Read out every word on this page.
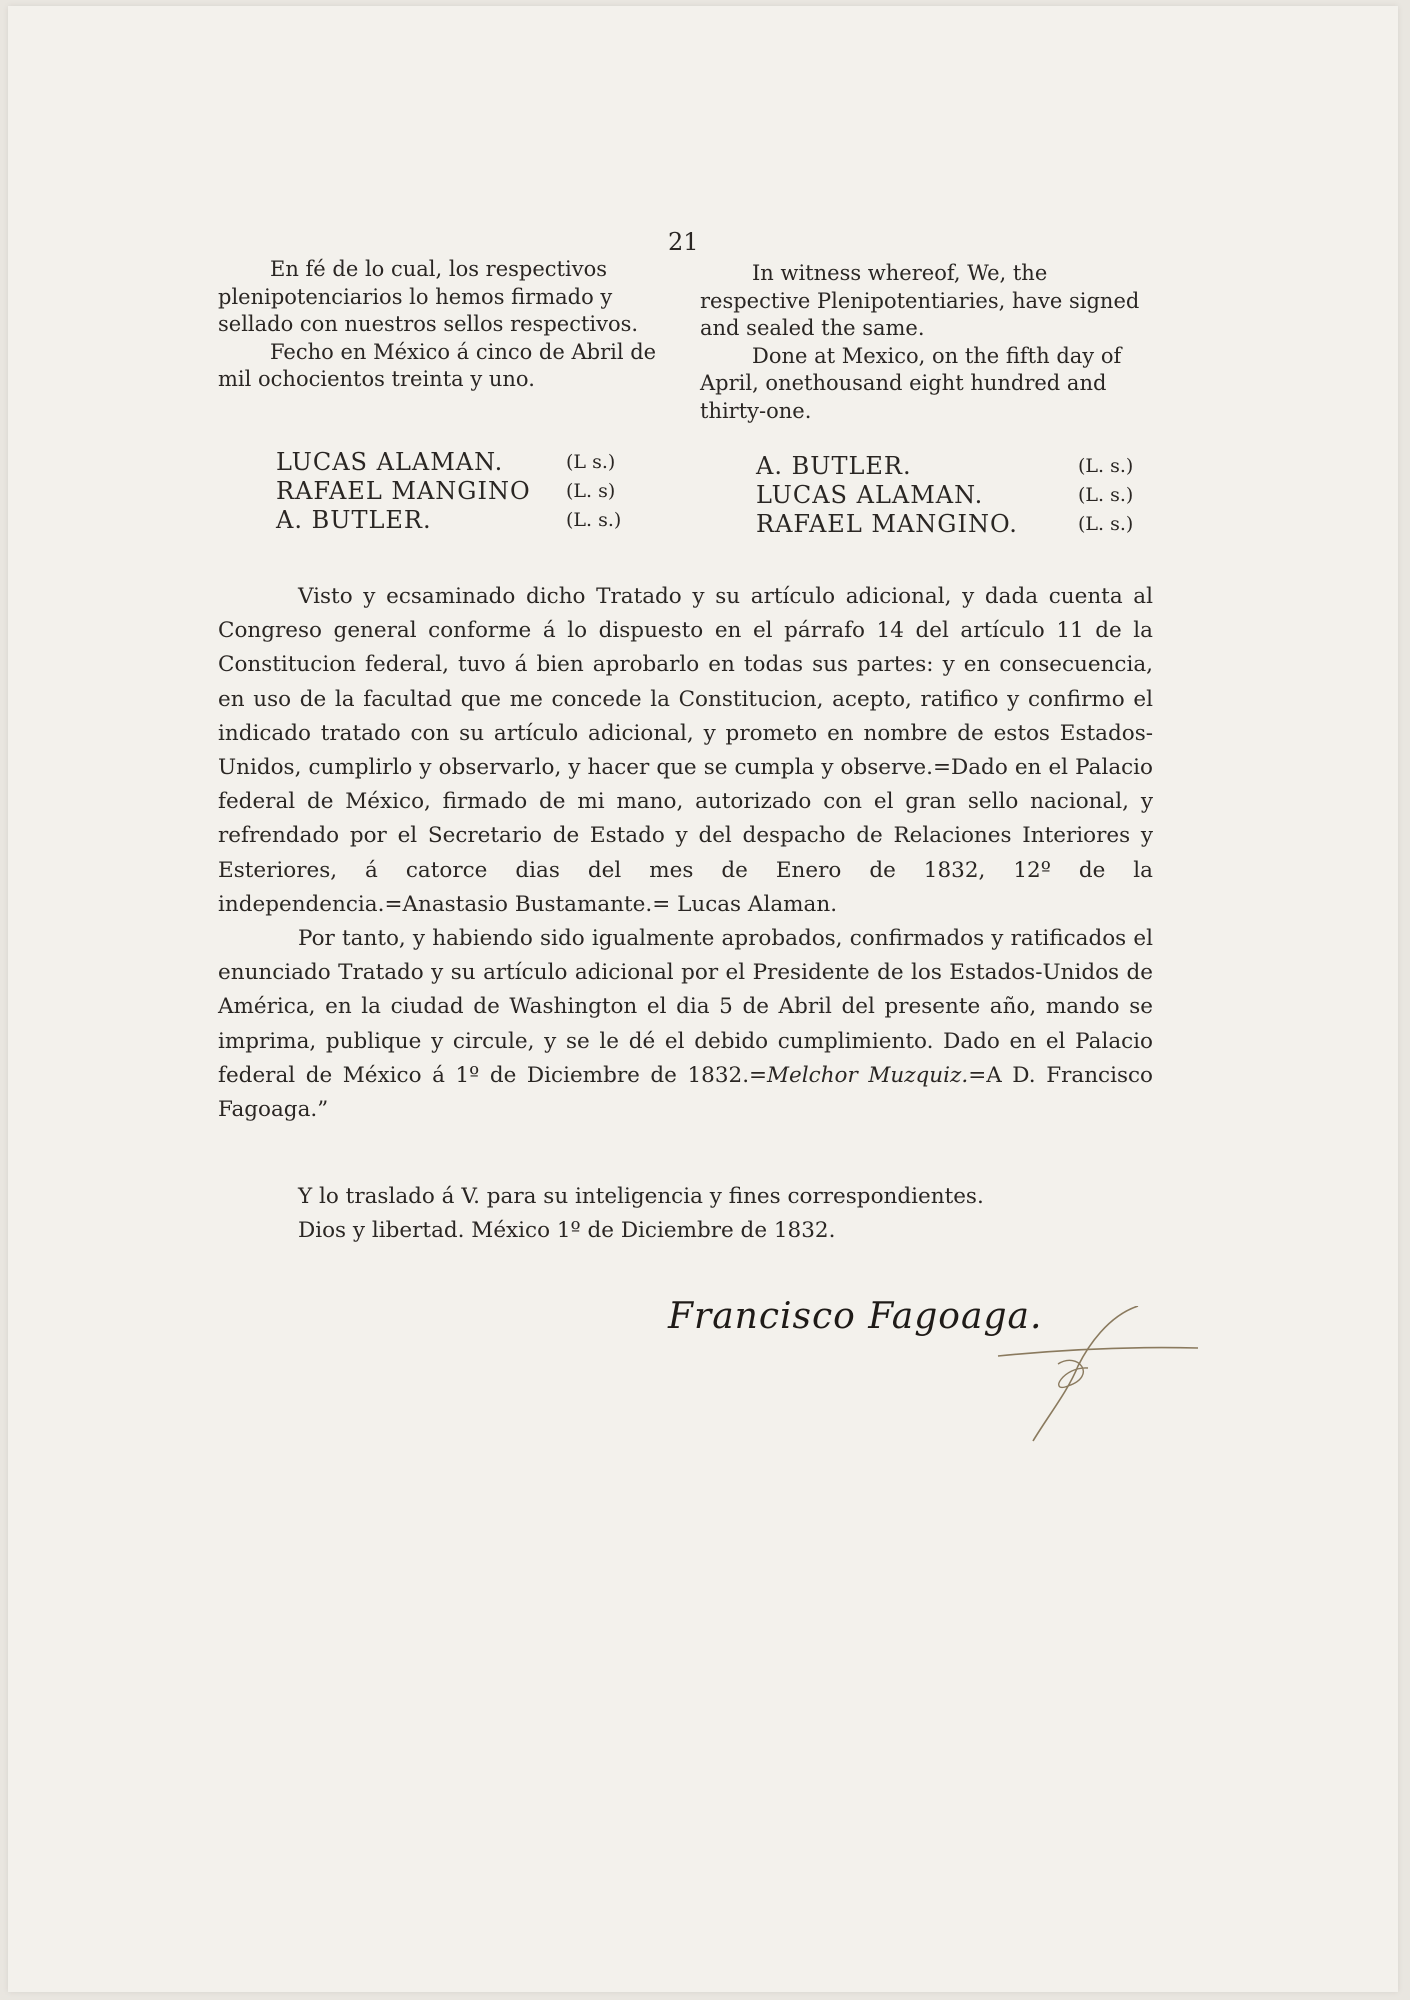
21

En fé de lo cual, los respectivos plenipotenciarios lo hemos firmado y sellado con nuestros sellos respectivos.

Fecho en México á cinco de Abril de mil ochocientos treinta y uno.

In witness whereof, We, the respective Plenipotentiaries, have signed and sealed the same.

Done at Mexico, on the fifth day of April, onethousand eight hundred and thirty-one.

LUCAS ALAMAN.	(L s.)
RAFAEL MANGINO (L. s)
A. BUTLER.	(L. s.)
A. BUTLER.	(L. s.)
LUCAS ALAMAN.	(L. s.)
RAFAEL MANGINO.	(L. s.)

Visto y ecsaminado dicho Tratado y su artículo adicional, y dada cuenta al Congreso general conforme á lo dispuesto en el párrafo 14 del artículo 11 de la Constitucion federal, tuvo á bien aprobarlo en todas sus partes: y en consecuencia, en uso de la facultad que me concede la Constitucion, acepto, ratifico y confirmo el indicado tratado con su artículo adicional, y prometo en nombre de estos Estados-Unidos, cumplirlo y observarlo, y hacer que se cumpla y observe.=Dado en el Palacio federal de México, firmado de mi mano, autorizado con el gran sello nacional, y refrendado por el Secretario de Estado y del despacho de Relaciones Interiores y Esteriores, á catorce dias del mes de Enero de 1832, 12º de la independencia.=Anastasio Bustamante.= Lucas Alaman.

Por tanto, y habiendo sido igualmente aprobados, confirmados y ratificados el enunciado Tratado y su artículo adicional por el Presidente de los Estados-Unidos de América, en la ciudad de Washington el dia 5 de Abril del presente año, mando se imprima, publique y circule, y se le dé el debido cumplimiento. Dado en el Palacio federal de México á 1º de Diciembre de 1832.=Melchor Muzquiz.=A D. Francisco Fagoaga.”

Y lo traslado á V. para su inteligencia y fines correspondientes.
Dios y libertad. México 1º de Diciembre de 1832.
Francisco Fagoaga.
